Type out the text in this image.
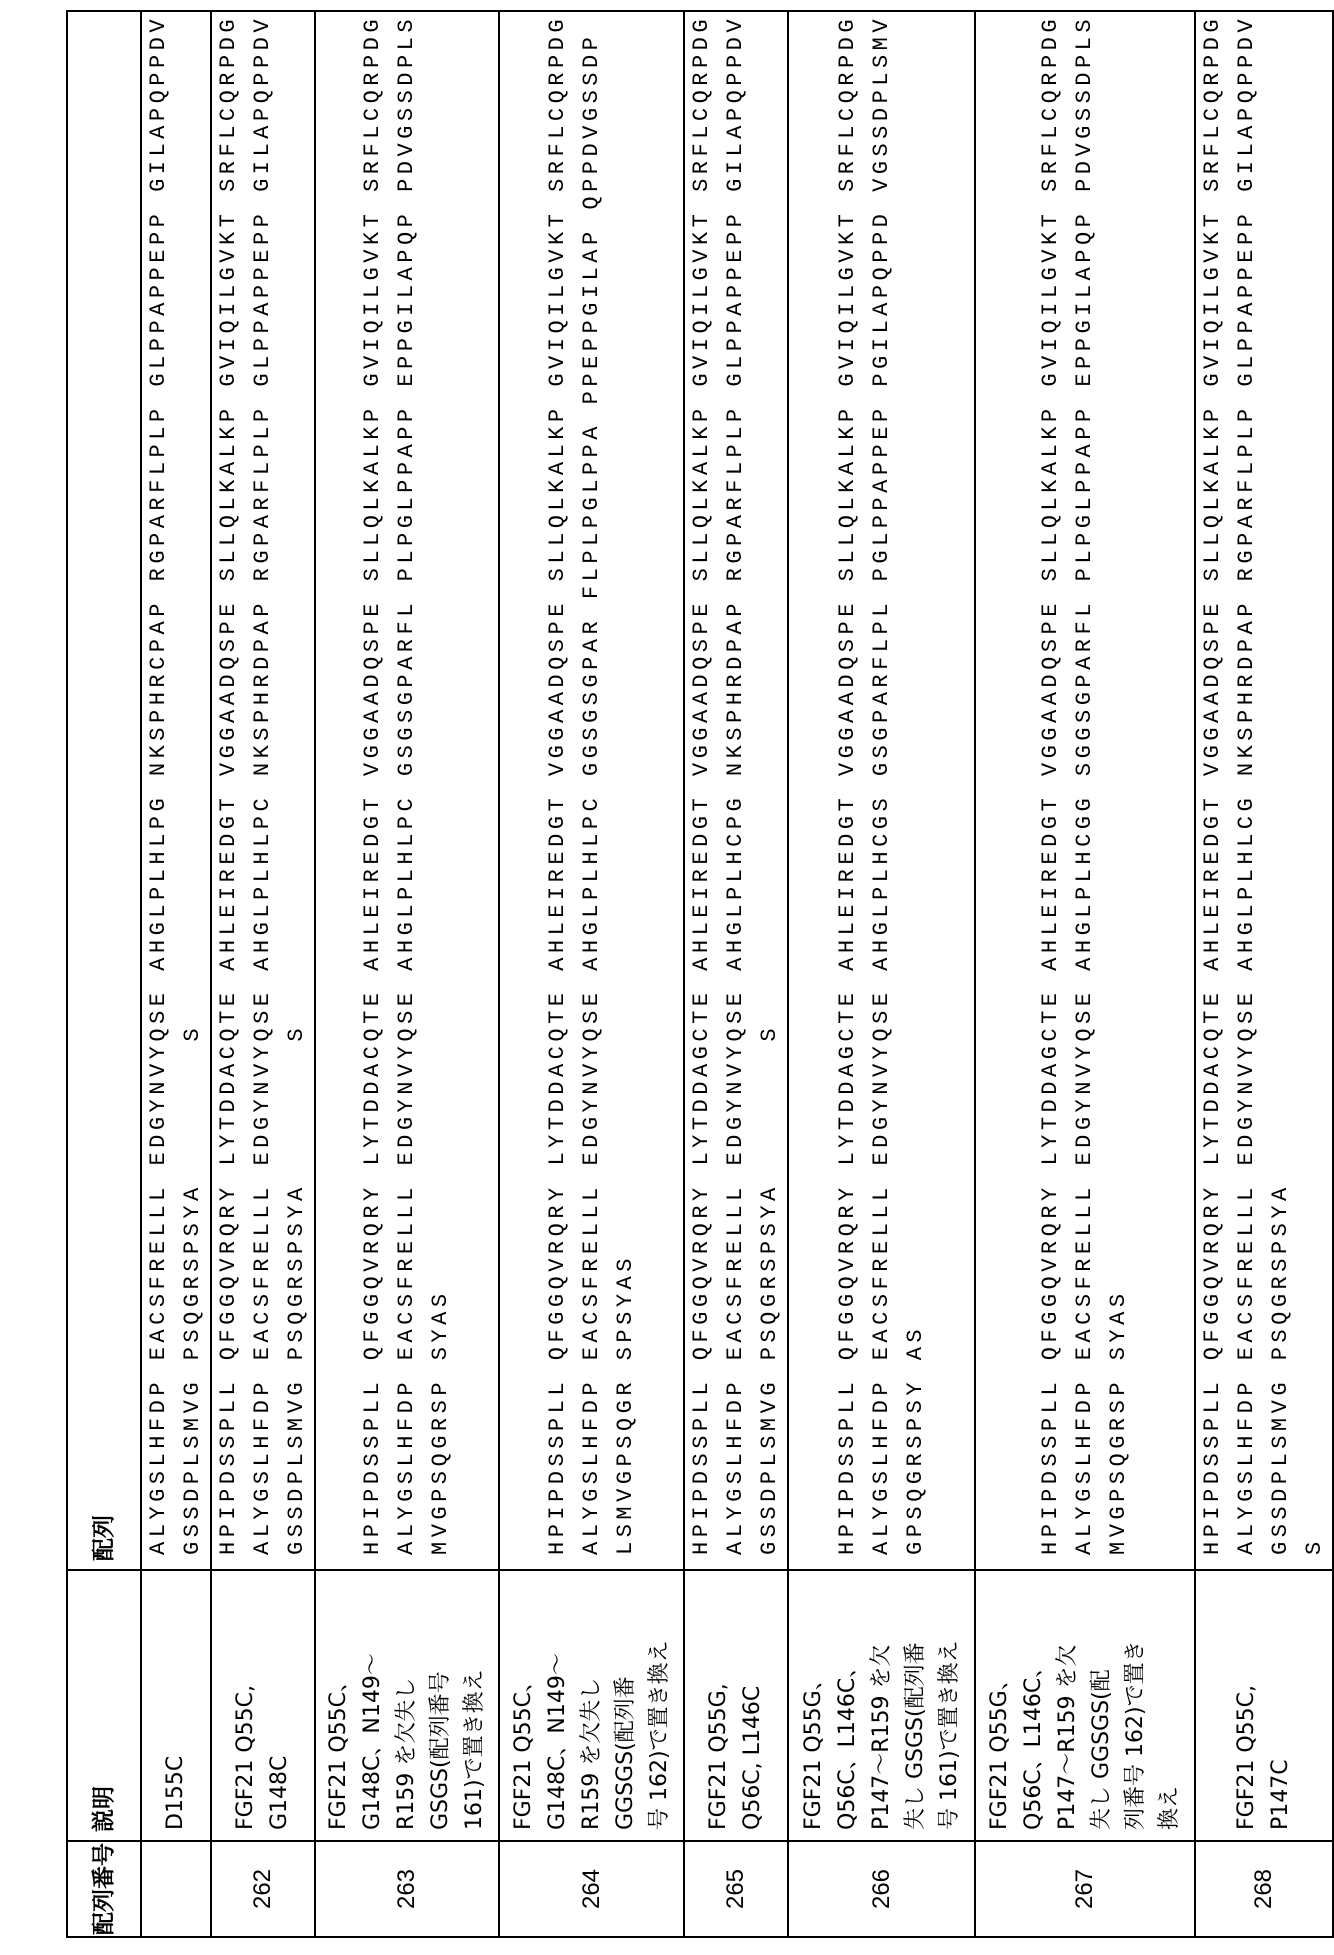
配列番号	説明	配列

D155C

ALYGSLHFDP EACSFRELLL EDGYNVYQSE AHGLPLHLPG NKSPHRCPAP RGPARFLPLP GLPPAPPEPP GILAPQPPDV GSSDPLSMVG PSQGRSPSYA        S

262	
FGF21 Q55C, G148C

HPIPDSSPLL QFGGQVRQRY LYTDDACQTE AHLEIREDGT VGGAADQSPE SLLQLKALKP GVIQILGVKT SRFLCQRPDG ALYGSLHFDP EACSFRELLL EDGYNVYQSE AHGLPLHLPC NKSPHRDPAP RGPARFLPLP GLPPAPPEPP GILAPQPPDV GSSDPLSMVG PSQGRSPSYA        S

263	
FGF21 Q55C、 G148C、N149～ R159 を欠失し GSGS(配列番号 161)で置き換え

HPIPDSSPLL QFGGQVRQRY LYTDDACQTE AHLEIREDGT VGGAADQSPE SLLQLKALKP GVIQILGVKT SRFLCQRPDG ALYGSLHFDP EACSFRELLL EDGYNVYQSE AHGLPLHLPC GSGSGPARFL PLPGLPPAPP EPPGILAPQP PDVGSSDPLS MVGPSQGRSP SYAS

264	
FGF21 Q55C、 G148C、N149～ R159 を欠失し GGSGS(配列番 号 162)で置き換え

HPIPDSSPLL QFGGQVRQRY LYTDDACQTE AHLEIREDGT VGGAADQSPE SLLQLKALKP GVIQILGVKT SRFLCQRPDG ALYGSLHFDP EACSFRELLL EDGYNVYQSE AHGLPLHLPC GGSGSGPAR FLPLPGLPPA PPEPPGILAP QPPDVGSSDP LSMVGPSQGR SPSYAS

265	
FGF21 Q55G, Q56C, L146C

HPIPDSSPLL QFGGQVRQRY LYTDDAGCTE AHLEIREDGT VGGAADQSPE SLLQLKALKP GVIQILGVKT SRFLCQRPDG ALYGSLHFDP EACSFRELLL EDGYNVYQSE AHGLPLHCPG NKSPHRDPAP RGPARFLPLP GLPPAPPEPP GILAPQPPDV GSSDPLSMVG PSQGRSPSYA        S

266	
FGF21 Q55G、 Q56C、L146C、 P147～R159 を欠 失し GSGS(配列番 号 161)で置き換え

HPIPDSSPLL QFGGQVRQRY LYTDDAGCTE AHLEIREDGT VGGAADQSPE SLLQLKALKP GVIQILGVKT SRFLCQRPDG ALYGSLHFDP EACSFRELLL EDGYNVYQSE AHGLPLHCGS GSGPARFLPL PGLPPAPPEP PGILAPQPPD VGSSDPLSMV GPSQGRSPSY AS

267	
FGF21 Q55G、 Q56C、L146C、 P147～R159 を欠 失し GGSGS(配 列番号 162)で置き 換え

HPIPDSSPLL QFGGQVRQRY LYTDDAGCTE AHLEIREDGT VGGAADQSPE SLLQLKALKP GVIQILGVKT SRFLCQRPDG ALYGSLHFDP EACSFRELLL EDGYNVYQSE AHGLPLHCGG SGGSGPARFL PLPGLPPAPP EPPGILAPQP PDVGSSDPLS MVGPSQGRSP SYAS

268	
FGF21 Q55C, P147C

HPIPDSSPLL QFGGQVRQRY LYTDDACQTE AHLEIREDGT VGGAADQSPE SLLQLKALKP GVIQILGVKT SRFLCQRPDG ALYGSLHFDP EACSFRELLL EDGYNVYQSE AHGLPLHLCG NKSPHRDPAP RGPARFLPLP GLPPAPPEPP GILAPQPPDV GSSDPLSMVG PSQGRSPSYA S
